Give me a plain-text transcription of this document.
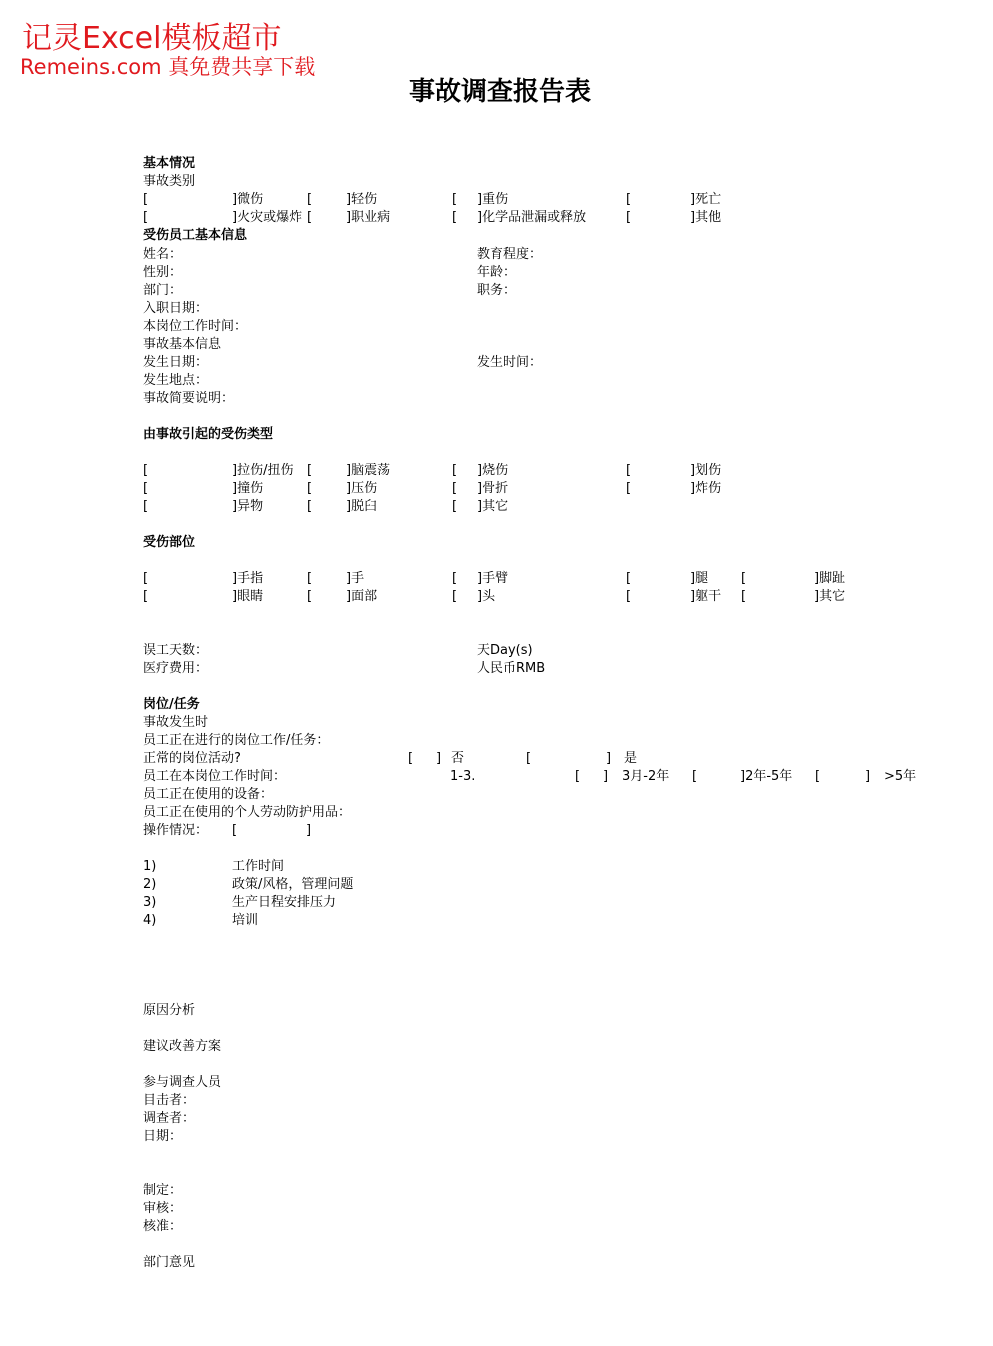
记灵Excel模板超市
Remeins.com 真免费共享下载
事故调查报告表
基本情况
事故类别
[	]微伤	[	]轻伤	[ ]重伤	[	]死亡
[	]火灾或爆炸 [	]职业病	[ ]化学品泄漏或释放	[	]其他
受伤员工基本信息
姓名：	教育程度：
性别：	年龄：
部门：	职务：
入职日期：
本岗位工作时间：
事故基本信息
发生日期：	发生时间：
发生地点：
事故简要说明：
由事故引起的受伤类型
[	]拉伤/扭伤 [	]脑震荡	[ ]烧伤	[	]划伤
[	]撞伤	[	]压伤	[ ]骨折	[	]炸伤
[	]异物	[	]脱臼	[ ]其它
受伤部位
[	]手指	[	]手	[ ]手臂	[	]腿	[	]脚趾
[	]眼睛	[	]面部	[ ]头	[	]躯干 [	]其它
误工天数：	天Day(s)
医疗费用：	人民币RMB
岗位/任务
事故发生时
员工正在进行的岗位工作/任务：
正常的岗位活动?	[ ] 否	[	] 是
员工在本岗位工作时间：	1-3.	[ ] 3月-2年 [	]2年-5年 [	] >5年
员工正在使用的设备：
员工正在使用的个人劳动防护用品：
操作情况： [	]
1)	工作时间
2)	政策/风格，管理问题
3)	生产日程安排压力
4)	培训
原因分析
建议改善方案
参与调查人员
目击者：
调查者：
日期：
制定：
审核：
核准：
部门意见
